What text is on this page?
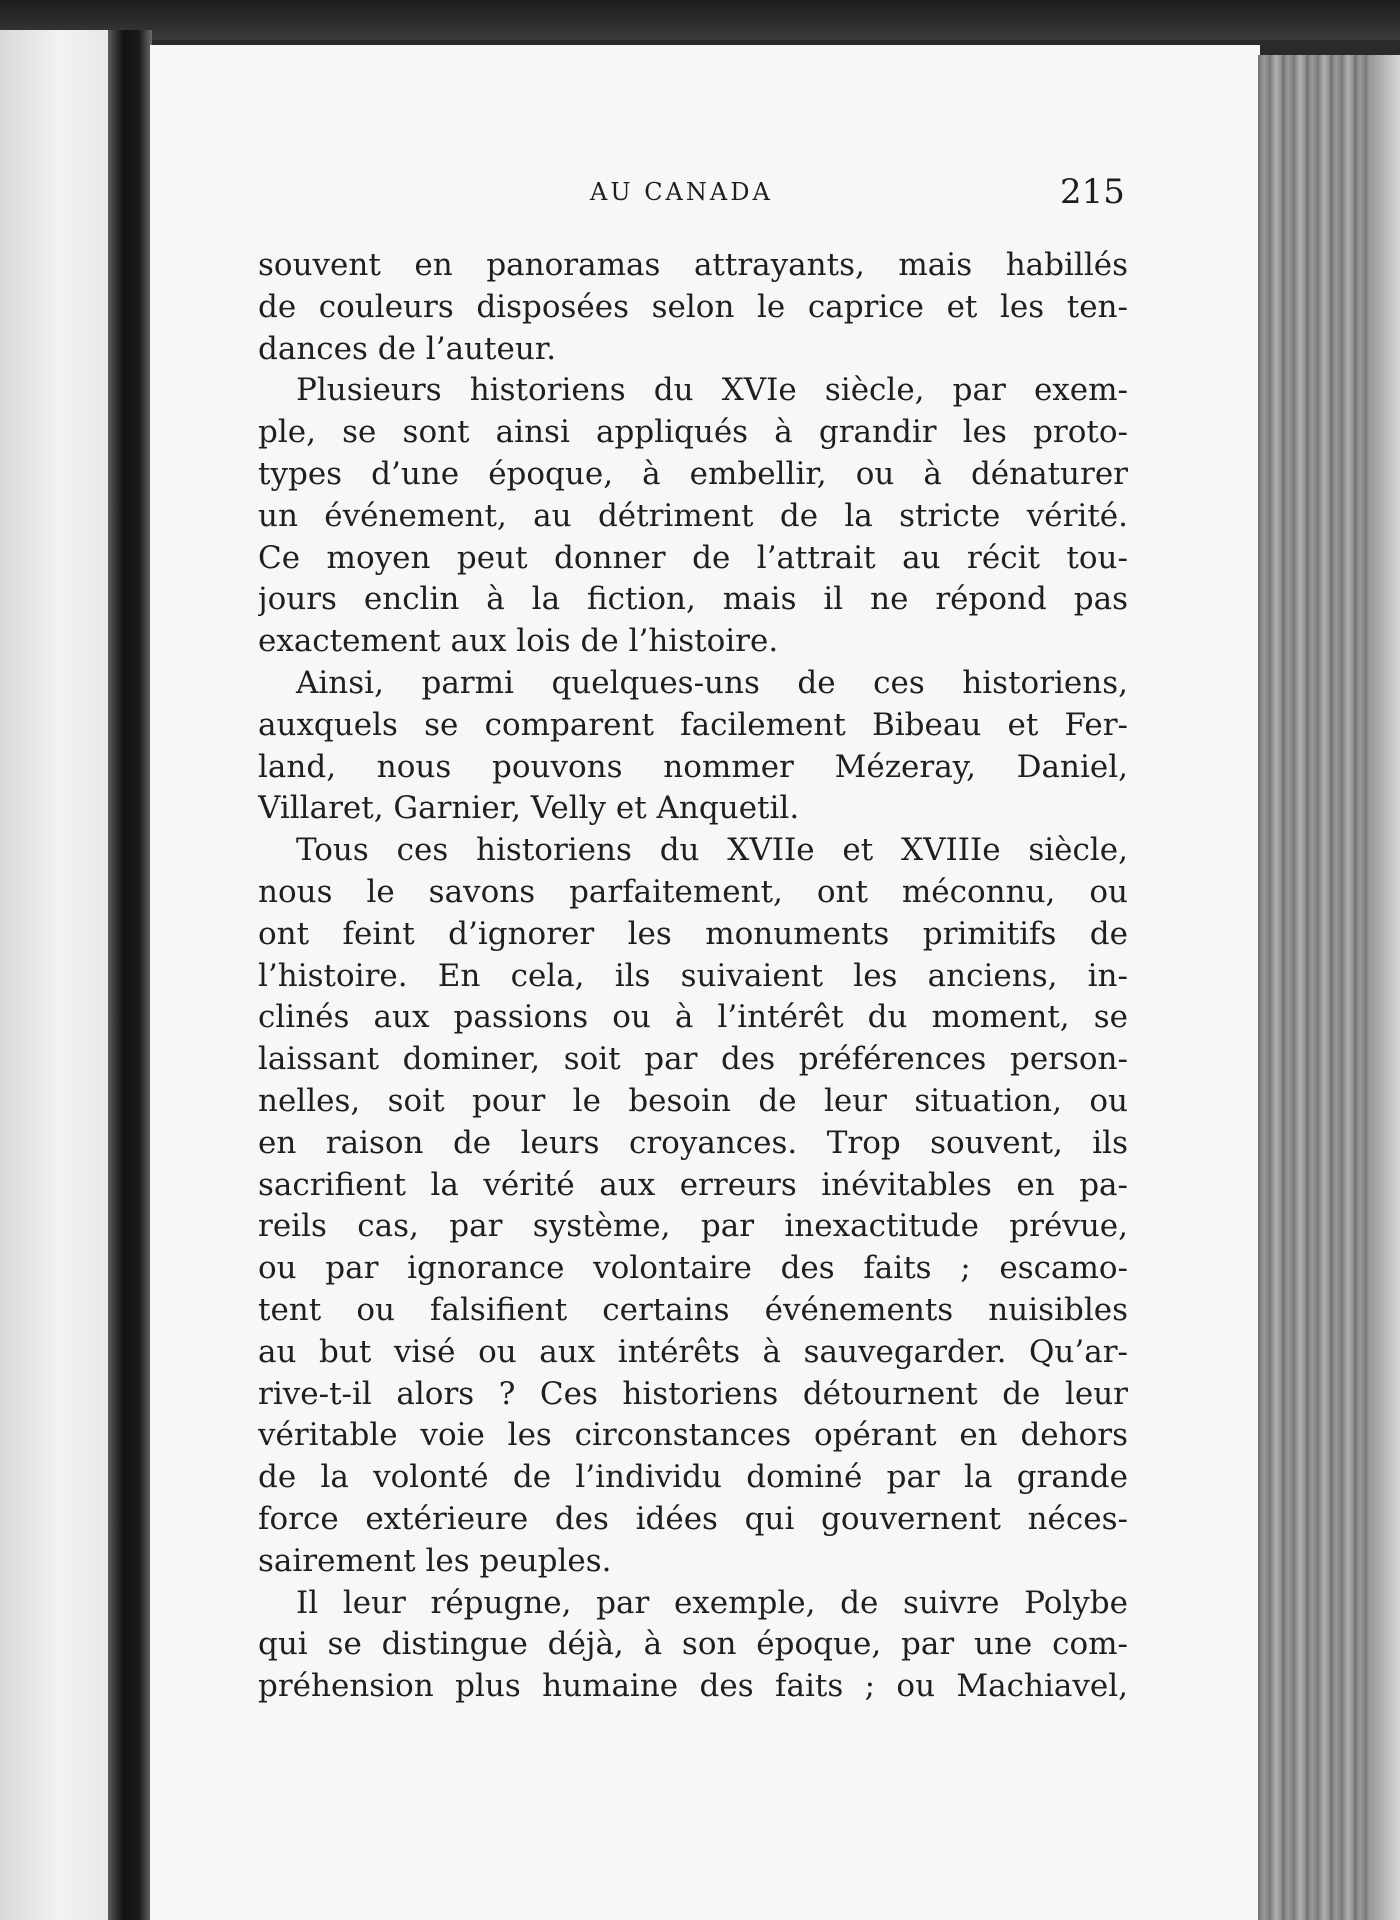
AU CANADA	215
souvent en panoramas attrayants, mais habillés
de couleurs disposées selon le caprice et les ten-
dances de l’auteur.
Plusieurs historiens du XVIe siècle, par exem-
ple, se sont ainsi appliqués à grandir les proto-
types d’une époque, à embellir, ou à dénaturer
un événement, au détriment de la stricte vérité.
Ce moyen peut donner de l’attrait au récit tou-
jours enclin à la fiction, mais il ne répond pas
exactement aux lois de l’histoire.
Ainsi, parmi quelques-uns de ces historiens,
auxquels se comparent facilement Bibeau et Fer-
land, nous pouvons nommer Mézeray, Daniel,
Villaret, Garnier, Velly et Anquetil.
Tous ces historiens du XVIIe et XVIIIe siècle,
nous le savons parfaitement, ont méconnu, ou
ont feint d’ignorer les monuments primitifs de
l’histoire. En cela, ils suivaient les anciens, in-
clinés aux passions ou à l’intérêt du moment, se
laissant dominer, soit par des préférences person-
nelles, soit pour le besoin de leur situation, ou
en raison de leurs croyances. Trop souvent, ils
sacrifient la vérité aux erreurs inévitables en pa-
reils cas, par système, par inexactitude prévue,
ou par ignorance volontaire des faits ; escamo-
tent ou falsifient certains événements nuisibles
au but visé ou aux intérêts à sauvegarder. Qu’ar-
rive-t-il alors ? Ces historiens détournent de leur
véritable voie les circonstances opérant en dehors
de la volonté de l’individu dominé par la grande
force extérieure des idées qui gouvernent néces-
sairement les peuples.
Il leur répugne, par exemple, de suivre Polybe
qui se distingue déjà, à son époque, par une com-
préhension plus humaine des faits ; ou Machiavel,
